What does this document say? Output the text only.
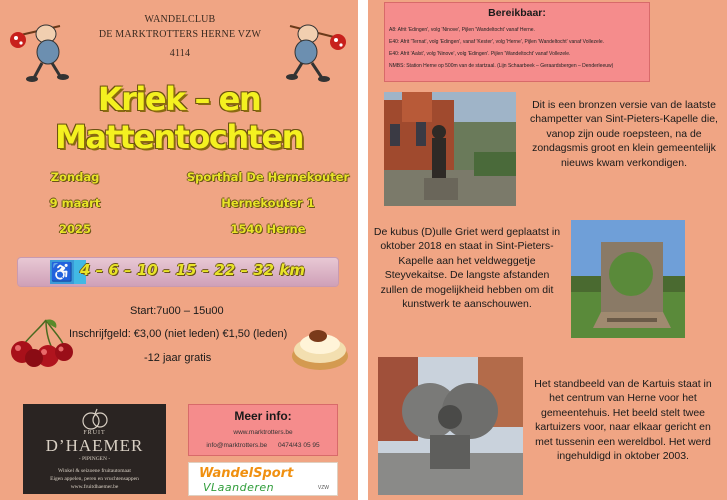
WANDELCLUB
DE MARKTROTTERS HERNE VZW
4114
Kriek – en Mattentochten
Zondag
9 maart
2025
Sporthal De Hernekouter
Hernekouter 1
1540 Herne
♿ 4 – 6 – 10 – 15 – 22 – 32 km
Start:7u00 – 15u00
Inschrijfgeld: €3,00 (niet leden) €1,50 (leden)
-12 jaar gratis
FRUIT
D’HAEMER
- PIPINGEN -
Winkel & seizoene fruitautomaat
Eigen appelen, peren en vruchtensappen
www.fruitdhaemer.be
Meer info:
www.marktrotters.be
info@marktrotters.be 0474/43 05 95
WandelSport
VLaanderen	VZW
Bereikbaar:
A8: Afrit 'Edingen', volg 'Ninove', Pijlen 'Wandeltocht' vanaf Herne.
E40: Afrit 'Ternat', volg 'Edingen', vanaf 'Kester', volg 'Herne', Pijlen 'Wandeltocht' vanaf Vollezele.
E40: Afrit 'Aalst', volg 'Ninove', volg 'Edingen'. Pijlen 'Wandeltocht' vanaf Vollezele.
NMBS: Station Herne op 500m van de startzaal. (Lijn Schaarbeek – Geraardsbergen – Denderleeuw)
Dit is een bronzen versie van de laatste champetter van Sint-Pieters-Kapelle die, vanop zijn oude roepsteen, na de zondagsmis groot en klein gemeentelijk nieuws kwam verkondigen.
De kubus (D)ulle Griet werd geplaatst in oktober 2018 en staat in Sint-Pieters-Kapelle aan het veldweggetje Steyvekaitse. De langste afstanden zullen de mogelijkheid hebben om dit kunstwerk te aanschouwen.
Het standbeeld van de Kartuis staat in het centrum van Herne voor het gemeentehuis. Het beeld stelt twee kartuizers voor, naar elkaar gericht en met tussenin een wereldbol. Het werd ingehuldigd in oktober 2003.
